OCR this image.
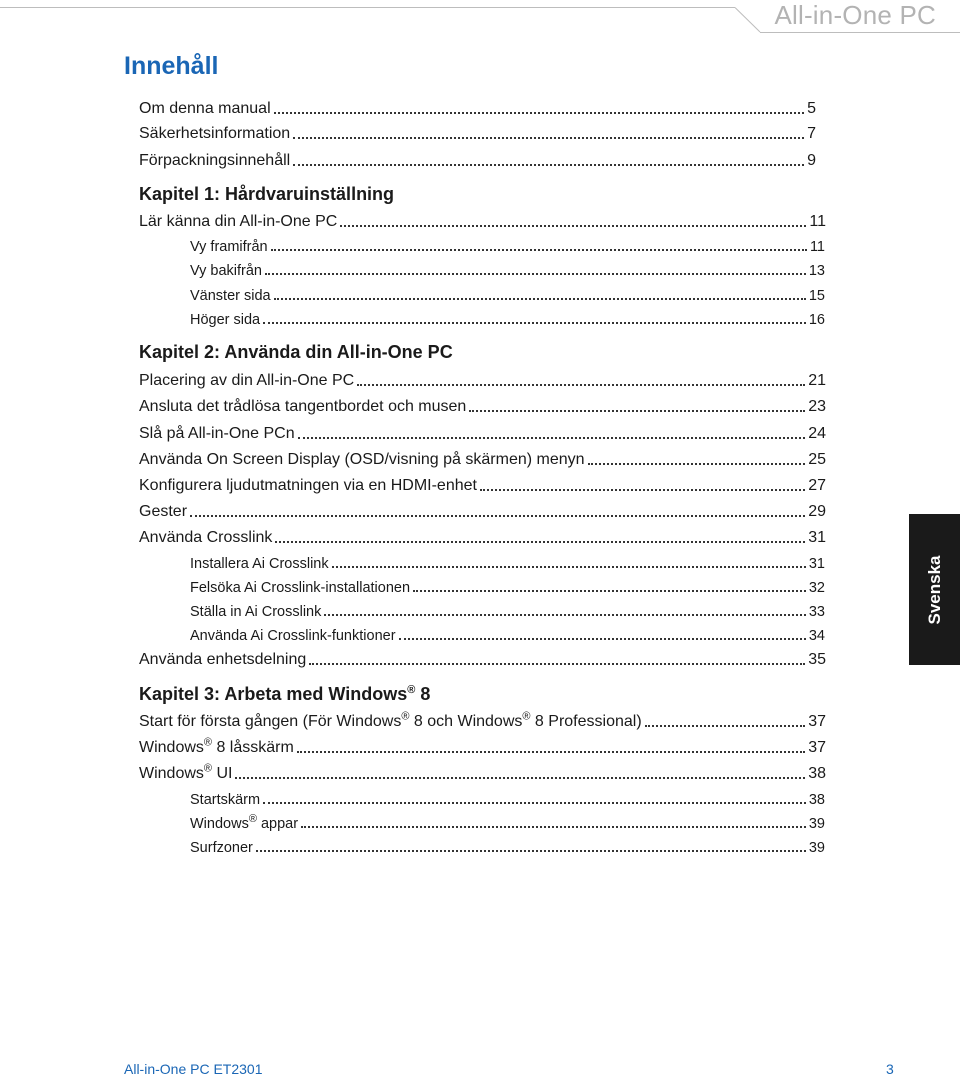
All-in-One PC
Innehåll
Om denna manual	5
Säkerhetsinformation	7
Förpackningsinnehåll	9
Kapitel 1: Hårdvaruinställning
Lär känna din All-in-One PC	11
Vy framifrån	11
Vy bakifrån	13
Vänster sida	15
Höger sida	16
Kapitel 2: Använda din All-in-One PC
Placering av din All-in-One PC	21
Ansluta det trådlösa tangentbordet och musen	23
Slå på All-in-One PCn	24
Använda On Screen Display (OSD/visning på skärmen) menyn	25
Konfigurera ljudutmatningen via en HDMI-enhet	27
Gester	29
Använda Crosslink	31
Installera Ai Crosslink	31
Felsöka Ai Crosslink-installationen	32
Ställa in Ai Crosslink	33
Använda Ai Crosslink-funktioner	34
Använda enhetsdelning	35
Kapitel 3: Arbeta med Windows® 8
Start för första gången (För Windows® 8 och Windows® 8 Professional)	37
Windows® 8 låsskärm	37
Windows® UI	38
Startskärm	38
Windows® appar	39
Surfzoner	39
Svenska
All-in-One PC ET2301	3
